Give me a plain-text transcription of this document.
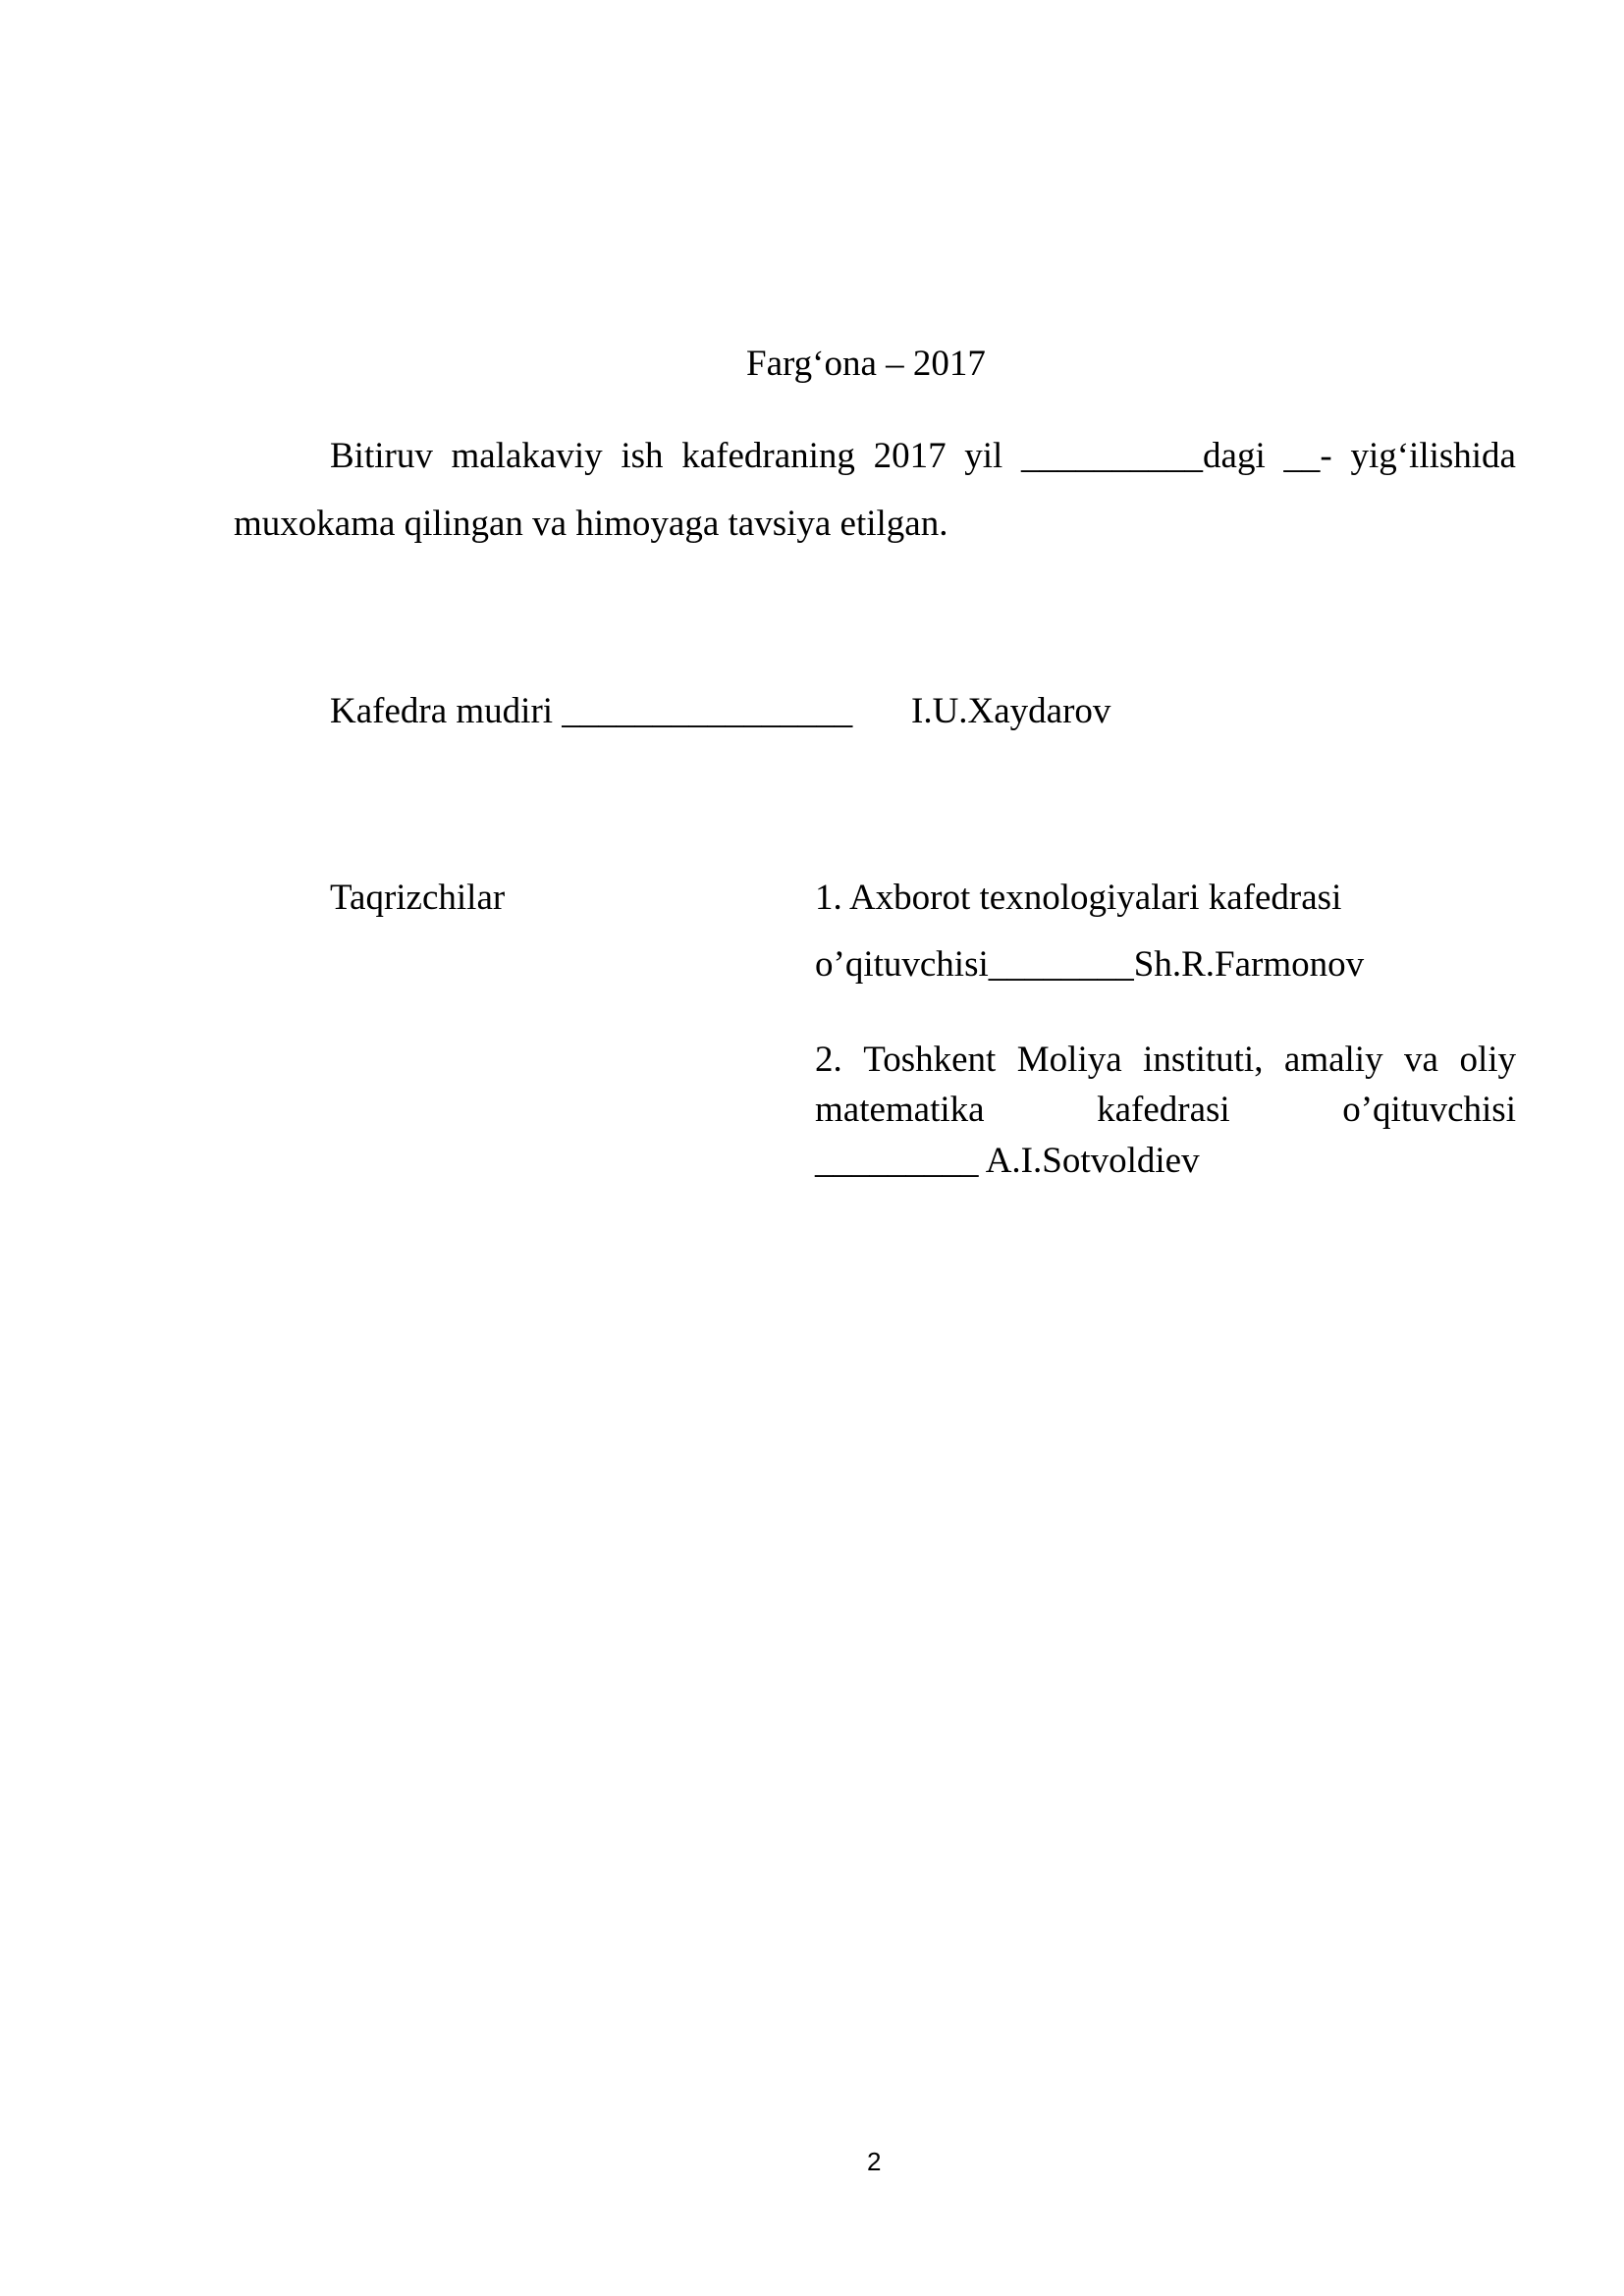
Farg‘ona – 2017
Bitiruv malakaviy ish kafedraning 2017 yil __________dagi __- yig‘ilishida
muxokama qilingan va himoyaga tavsiya etilgan.
Kafedra mudiri ________________ I.U.Xaydarov
Taqrizchilar	1. Axborot texnologiyalari kafedrasi
o’qituvchisi________Sh.R.Farmonov
2. Toshkent Moliya instituti, amaliy va oliy
matematika	kafedrasi	o’qituvchisi
_________ A.I.Sotvoldiev
2
